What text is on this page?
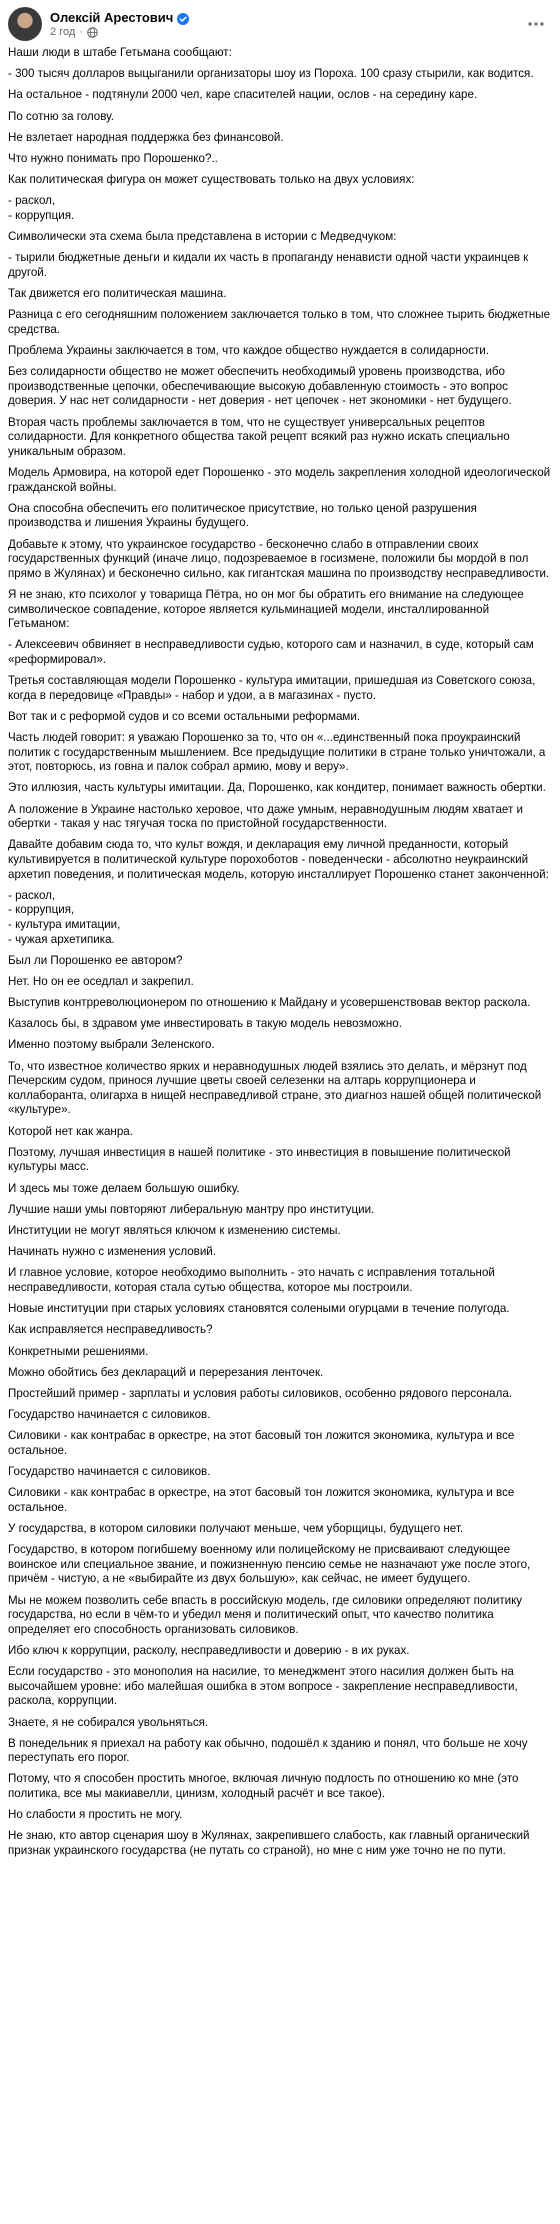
Олексій Арестович
2 год ·

Наши люди в штабе Гетьмана сообщают:

- 300 тысяч долларов выцыганили организаторы шоу из Пороха. 100 сразу стырили, как водится.

На остальное - подтянули 2000 чел, каре спасителей нации, ослов - на середину каре.

По сотню за голову.

Не взлетает народная поддержка без финансовой.

Что нужно понимать про Порошенко?..

Как политическая фигура он может существовать только на двух условиях:

- раскол,
- коррупция.

Символически эта схема была представлена в истории с Медведчуком:

- тырили бюджетные деньги и кидали их часть в пропаганду ненависти одной части украинцев к другой.

Так движется его политическая машина.

Разница с его сегодняшним положением заключается только в том, что сложнее тырить бюджетные средства.

Проблема Украины заключается в том, что каждое общество нуждается в солидарности.

Без солидарности общество не может обеспечить необходимый уровень производства, ибо производственные цепочки, обеспечивающие высокую добавленную стоимость - это вопрос доверия. У нас нет солидарности - нет доверия - нет цепочек - нет экономики - нет будущего.

Вторая часть проблемы заключается в том, что не существует универсальных рецептов солидарности. Для конкретного общества такой рецепт всякий раз нужно искать специально уникальным образом.

Модель Армовира, на которой едет Порошенко - это модель закрепления холодной идеологической гражданской войны.

Она способна обеспечить его политическое присутствие, но только ценой разрушения производства и лишения Украины будущего.

Добавьте к этому, что украинское государство - бесконечно слабо в отправлении своих государственных функций (иначе лицо, подозреваемое в госизмене, положили бы мордой в пол прямо в Жулянах) и бесконечно сильно, как гигантская машина по производству несправедливости.

Я не знаю, кто психолог у товарища Пётра, но он мог бы обратить его внимание на следующее символическое совпадение, которое является кульминацией модели, инсталлированной Гетьманом:

- Алексеевич обвиняет в несправедливости судью, которого сам и назначил, в суде, который сам «реформировал».

Третья составляющая модели Порошенко - культура имитации, пришедшая из Советского союза, когда в передовице «Правды» - набор и удои, а в магазинах - пусто.

Вот так и с реформой судов и со всеми остальными реформами.

Часть людей говорит: я уважаю Порошенко за то, что он «...единственный пока проукраинский политик с государственным мышлением. Все предыдущие политики в стране только уничтожали, а этот, повторюсь, из говна и палок собрал армию, мову и веру».

Это иллюзия, часть культуры имитации. Да, Порошенко, как кондитер, понимает важность обертки.

А положение в Украине настолько херовое, что даже умным, неравнодушным людям хватает и обертки - такая у нас тягучая тоска по пристойной государственности.

Давайте добавим сюда то, что культ вождя, и декларация ему личной преданности, который культивируется в политической культуре порохоботов - поведенчески - абсолютно неукраинский архетип поведения, и политическая модель, которую инсталлирует Порошенко станет законченной:

- раскол,
- коррупция,
- культура имитации,
- чужая архетипика.

Был ли Порошенко ее автором?

Нет. Но он ее оседлал и закрепил.

Выступив контрреволюционером по отношению к Майдану и усовершенствовав вектор раскола.

Казалось бы, в здравом уме инвестировать в такую модель невозможно.

Именно поэтому выбрали Зеленского.

То, что известное количество ярких и неравнодушных людей взялись это делать, и мёрзнут под Печерским судом, принося лучшие цветы своей селезенки на алтарь коррупционера и коллаборанта, олигарха в нищей несправедливой стране, это диагноз нашей общей политической «культуре».

Которой нет как жанра.

Поэтому, лучшая инвестиция в нашей политике - это инвестиция в повышение политической культуры масс.

И здесь мы тоже делаем большую ошибку.

Лучшие наши умы повторяют либеральную мантру про институции.

Институции не могут являться ключом к изменению системы.

Начинать нужно с изменения условий.

И главное условие, которое необходимо выполнить - это начать с исправления тотальной несправедливости, которая стала сутью общества, которое мы построили.

Новые институции при старых условиях становятся солеными огурцами в течение полугода.

Как исправляется несправедливость?

Конкретными решениями.

Можно обойтись без деклараций и перерезания ленточек.

Простейший пример - зарплаты и условия работы силовиков, особенно рядового персонала.

Государство начинается с силовиков.

Силовики - как контрабас в оркестре, на этот басовый тон ложится экономика, культура и все остальное.

Государство начинается с силовиков.

Силовики - как контрабас в оркестре, на этот басовый тон ложится экономика, культура и все остальное.

У государства, в котором силовики получают меньше, чем уборщицы, будущего нет.

Государство, в котором погибшему военному или полицейскому не присваивают следующее воинское или специальное звание, и пожизненную пенсию семье не назначают уже после этого, причём - чистую, а не «выбирайте из двух большую», как сейчас, не имеет будущего.

Мы не можем позволить себе впасть в российскую модель, где силовики определяют политику государства, но если в чём-то и убедил меня и политический опыт, что качество политика определяет его способность организовать силовиков.

Ибо ключ к коррупции, расколу, несправедливости и доверию - в их руках.

Если государство - это монополия на насилие, то менеджмент этого насилия должен быть на высочайшем уровне: ибо малейшая ошибка в этом вопросе - закрепление несправедливости, раскола, коррупции.

Знаете, я не собирался увольняться.

В понедельник я приехал на работу как обычно, подошёл к зданию и понял, что больше не хочу переступать его порог.

Потому, что я способен простить многое, включая личную подлость по отношению ко мне (это политика, все мы макиавелли, цинизм, холодный расчёт и все такое).

Но слабости я простить не могу.

Не знаю, кто автор сценария шоу в Жулянах, закрепившего слабость, как главный органический признак украинского государства (не путать со страной), но мне с ним уже точно не по пути.
